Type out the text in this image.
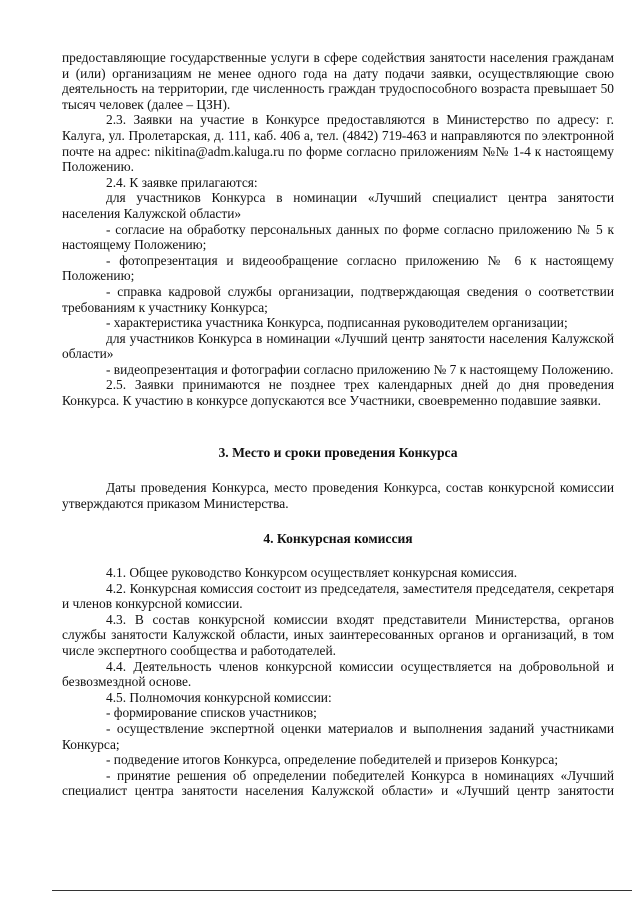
предоставляющие государственные услуги в сфере содействия занятости населения гражданам и (или) организациям не менее одного года на дату подачи заявки, осуществляющие свою деятельность на территории, где численность граждан трудоспособного возраста превышает 50 тысяч человек (далее – ЦЗН).

2.3. Заявки на участие в Конкурсе предоставляются в Министерство по адресу: г. Калуга, ул. Пролетарская, д. 111, каб. 406 а, тел. (4842) 719-463 и направляются по электронной почте на адрес: nikitina@adm.kaluga.ru по форме согласно приложениям №№ 1-4 к настоящему Положению.

2.4. К заявке прилагаются:

для участников Конкурса в номинации «Лучший специалист центра занятости населения Калужской области»

- согласие на обработку персональных данных по форме согласно приложению № 5 к настоящему Положению;

- фотопрезентация и видеообращение согласно приложению № 6 к настоящему Положению;

- справка кадровой службы организации, подтверждающая сведения о соответствии требованиям к участнику Конкурса;

- характеристика участника Конкурса, подписанная руководителем организации;

для участников Конкурса в номинации «Лучший центр занятости населения Калужской области»

- видеопрезентация и фотографии согласно приложению № 7 к настоящему Положению.

2.5. Заявки принимаются не позднее трех календарных дней до дня проведения Конкурса. К участию в конкурсе допускаются все Участники, своевременно подавшие заявки.

3. Место и сроки проведения Конкурса

Даты проведения Конкурса, место проведения Конкурса, состав конкурсной комиссии утверждаются приказом Министерства.

4. Конкурсная комиссия

4.1. Общее руководство Конкурсом осуществляет конкурсная комиссия.

4.2. Конкурсная комиссия состоит из председателя, заместителя председателя, секретаря и членов конкурсной комиссии.

4.3. В состав конкурсной комиссии входят представители Министерства, органов службы занятости Калужской области, иных заинтересованных органов и организаций, в том числе экспертного сообщества и работодателей.

4.4. Деятельность членов конкурсной комиссии осуществляется на добровольной и безвозмездной основе.

4.5. Полномочия конкурсной комиссии:

- формирование списков участников;

- осуществление экспертной оценки материалов и выполнения заданий участниками Конкурса;

- подведение итогов Конкурса, определение победителей и призеров Конкурса;

- принятие решения об определении победителей Конкурса в номинациях «Лучший специалист центра занятости населения Калужской области» и «Лучший центр занятости
